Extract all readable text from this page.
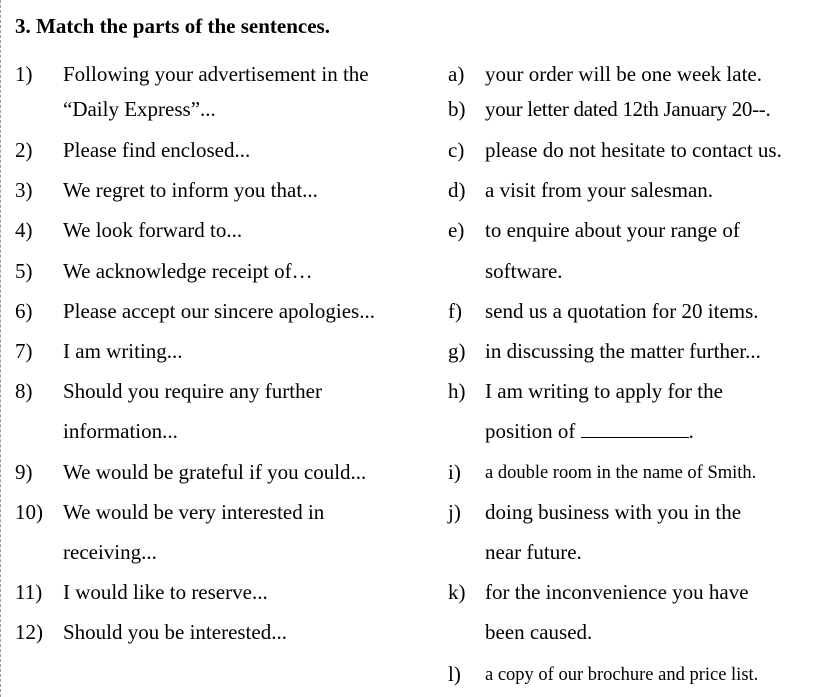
3. Match the parts of the sentences.
1) Following your advertisement in the
“Daily Express”...
2) Please find enclosed...
3) We regret to inform you that...
4) We look forward to...
5) We acknowledge receipt of…
6) Please accept our sincere apologies...
7) I am writing...
8) Should you require any further
information...
9) We would be grateful if you could...
10) We would be very interested in
receiving...
11) I would like to reserve...
12) Should you be interested...
a) your order will be one week late.
b) your letter dated 12th January 20--.
c) please do not hesitate to contact us.
d) a visit from your salesman.
e) to enquire about your range of
software.
f) send us a quotation for 20 items.
g) in discussing the matter further...
h) I am writing to apply for the
position of	.
i) a double room in the name of Smith.
j) doing business with you in the
near future.
k) for the inconvenience you have
been caused.
l) a copy of our brochure and price list.
